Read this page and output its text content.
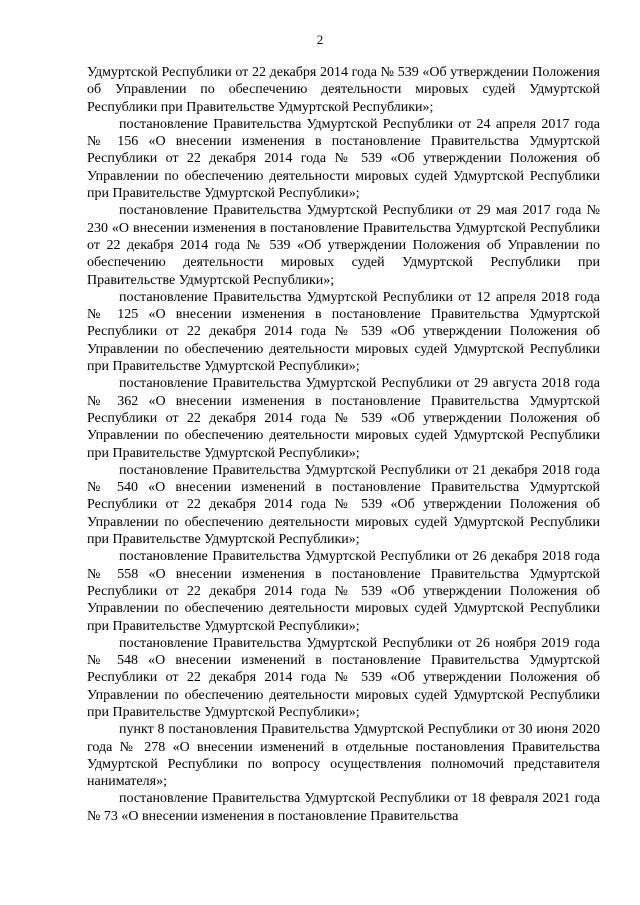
2

Удмуртской Республики от 22 декабря 2014 года № 539 «Об утверждении Положения об Управлении по обеспечению деятельности мировых судей Удмуртской Республики при Правительстве Удмуртской Республики»;

постановление Правительства Удмуртской Республики от 24 апреля 2017 года № 156 «О внесении изменения в постановление Правительства Удмуртской Республики от 22 декабря 2014 года № 539 «Об утверждении Положения об Управлении по обеспечению деятельности мировых судей Удмуртской Республики при Правительстве Удмуртской Республики»;

постановление Правительства Удмуртской Республики от 29 мая 2017 года № 230 «О внесении изменения в постановление Правительства Удмуртской Республики от 22 декабря 2014 года № 539 «Об утверждении Положения об Управлении по обеспечению деятельности мировых судей Удмуртской Республики при Правительстве Удмуртской Республики»;

постановление Правительства Удмуртской Республики от 12 апреля 2018 года № 125 «О внесении изменения в постановление Правительства Удмуртской Республики от 22 декабря 2014 года № 539 «Об утверждении Положения об Управлении по обеспечению деятельности мировых судей Удмуртской Республики при Правительстве Удмуртской Республики»;

постановление Правительства Удмуртской Республики от 29 августа 2018 года № 362 «О внесении изменения в постановление Правительства Удмуртской Республики от 22 декабря 2014 года № 539 «Об утверждении Положения об Управлении по обеспечению деятельности мировых судей Удмуртской Республики при Правительстве Удмуртской Республики»;

постановление Правительства Удмуртской Республики от 21 декабря 2018 года № 540 «О внесении изменений в постановление Правительства Удмуртской Республики от 22 декабря 2014 года № 539 «Об утверждении Положения об Управлении по обеспечению деятельности мировых судей Удмуртской Республики при Правительстве Удмуртской Республики»;

постановление Правительства Удмуртской Республики от 26 декабря 2018 года № 558 «О внесении изменения в постановление Правительства Удмуртской Республики от 22 декабря 2014 года № 539 «Об утверждении Положения об Управлении по обеспечению деятельности мировых судей Удмуртской Республики при Правительстве Удмуртской Республики»;

постановление Правительства Удмуртской Республики от 26 ноября 2019 года № 548 «О внесении изменений в постановление Правительства Удмуртской Республики от 22 декабря 2014 года № 539 «Об утверждении Положения об Управлении по обеспечению деятельности мировых судей Удмуртской Республики при Правительстве Удмуртской Республики»;

пункт 8 постановления Правительства Удмуртской Республики от 30 июня 2020 года № 278 «О внесении изменений в отдельные постановления Правительства Удмуртской Республики по вопросу осуществления полномочий представителя нанимателя»;

постановление Правительства Удмуртской Республики от 18 февраля 2021 года № 73 «О внесении изменения в постановление Правительства
